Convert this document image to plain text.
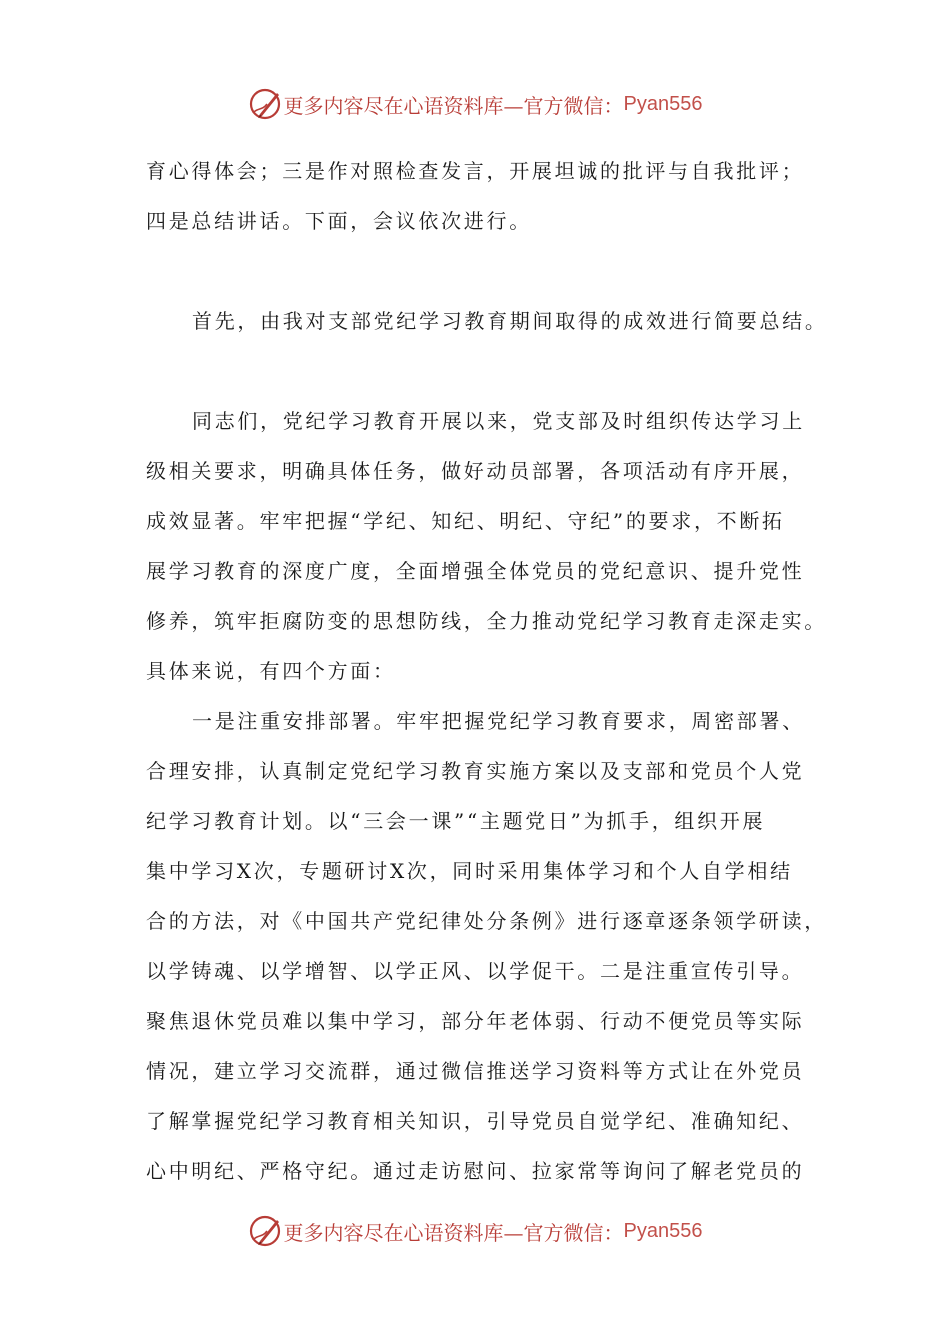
更多内容尽在心语资料库—官方微信： Pyan556
育心得体会；三是作对照检查发言，开展坦诚的批评与自我批评；
四是总结讲话。下面，会议依次进行。
首先，由我对支部党纪学习教育期间取得的成效进行简要总结。
同志们，党纪学习教育开展以来，党支部及时组织传达学习上
级相关要求，明确具体任务，做好动员部署，各项活动有序开展，
成效显著。牢牢把握“学纪、知纪、明纪、守纪”的要求，不断拓
展学习教育的深度广度，全面增强全体党员的党纪意识、提升党性
修养，筑牢拒腐防变的思想防线，全力推动党纪学习教育走深走实。
具体来说，有四个方面：
一是注重安排部署。牢牢把握党纪学习教育要求，周密部署、
合理安排，认真制定党纪学习教育实施方案以及支部和党员个人党
纪学习教育计划。以“三会一课”“主题党日”为抓手，组织开展
集中学习X次，专题研讨X次，同时采用集体学习和个人自学相结
合的方法，对《中国共产党纪律处分条例》进行逐章逐条领学研读，
以学铸魂、以学增智、以学正风、以学促干。二是注重宣传引导。
聚焦退休党员难以集中学习，部分年老体弱、行动不便党员等实际
情况，建立学习交流群，通过微信推送学习资料等方式让在外党员
了解掌握党纪学习教育相关知识，引导党员自觉学纪、准确知纪、
心中明纪、严格守纪。通过走访慰问、拉家常等询问了解老党员的
更多内容尽在心语资料库—官方微信： Pyan556
